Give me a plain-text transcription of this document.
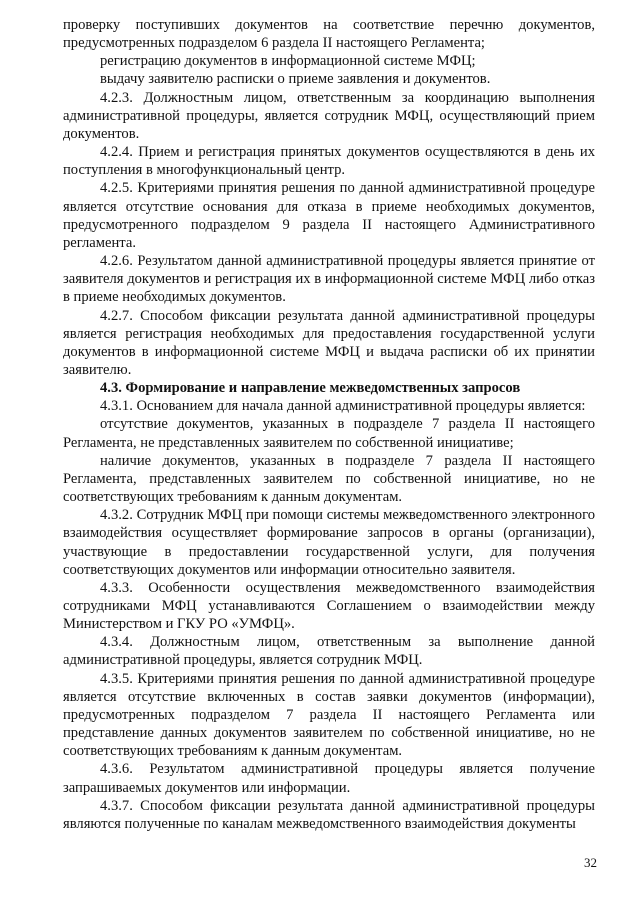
проверку поступивших документов на соответствие перечню документов, предусмотренных подразделом 6 раздела II настоящего Регламента;

регистрацию документов в информационной системе МФЦ;

выдачу заявителю расписки о приеме заявления и документов.

4.2.3. Должностным лицом, ответственным за координацию выполнения административной процедуры, является сотрудник МФЦ, осуществляющий прием документов.

4.2.4. Прием и регистрация принятых документов осуществляются в день их поступления в многофункциональный центр.

4.2.5. Критериями принятия решения по данной административной процедуре является отсутствие основания для отказа в приеме необходимых документов, предусмотренного подразделом 9 раздела II настоящего Административного регламента.

4.2.6. Результатом данной административной процедуры является принятие от заявителя документов и регистрация их в информационной системе МФЦ либо отказ в приеме необходимых документов.

4.2.7. Способом фиксации результата данной административной процедуры является регистрация необходимых для предоставления государственной услуги документов в информационной системе МФЦ и выдача расписки об их принятии заявителю.

4.3. Формирование и направление межведомственных запросов

4.3.1. Основанием для начала данной административной процедуры является:

отсутствие документов, указанных в подразделе 7 раздела II настоящего Регламента, не представленных заявителем по собственной инициативе;

наличие документов, указанных в подразделе 7 раздела II настоящего Регламента, представленных заявителем по собственной инициативе, но не соответствующих требованиям к данным документам.

4.3.2. Сотрудник МФЦ при помощи системы межведомственного электронного взаимодействия осуществляет формирование запросов в органы (организации), участвующие в предоставлении государственной услуги, для получения соответствующих документов или информации относительно заявителя.

4.3.3. Особенности осуществления межведомственного взаимодействия сотрудниками МФЦ устанавливаются Соглашением о взаимодействии между Министерством и ГКУ РО «УМФЦ».

4.3.4. Должностным лицом, ответственным за выполнение данной административной процедуры, является сотрудник МФЦ.

4.3.5. Критериями принятия решения по данной административной процедуре является отсутствие включенных в состав заявки документов (информации), предусмотренных подразделом 7 раздела II настоящего Регламента или представление данных документов заявителем по собственной инициативе, но не соответствующих требованиям к данным документам.

4.3.6. Результатом административной процедуры является получение запрашиваемых документов или информации.

4.3.7. Способом фиксации результата данной административной процедуры являются полученные по каналам межведомственного взаимодействия документы

32
